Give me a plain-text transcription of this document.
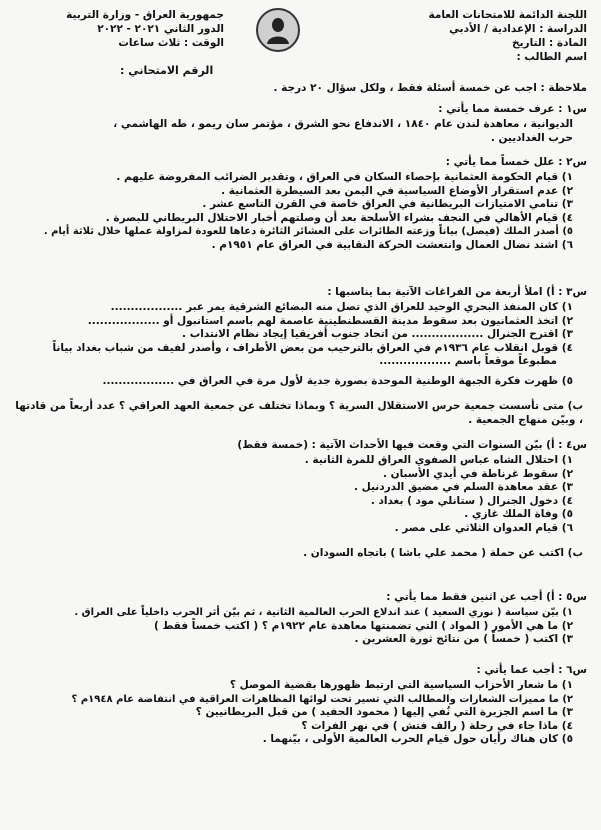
اللجنة الدائمة للامتحانات العامة
الدراسة : الإعدادية / الأدبي
المادة : التاريخ
اسم الطالب :
جمهورية العراق - وزارة التربية
الدور الثاني ٢٠٢١ - ٢٠٢٢
الوقت : ثلاث ساعات
الرقم الامتحاني :
ملاحظة : اجب عن خمسة أسئلة فقط ، ولكل سؤال ٢٠ درجة .
س١ : عرف خمسة مما يأتي :
الديوانية ، معاهدة لندن عام ١٨٤٠ ، الاندفاع نحو الشرق ، مؤتمر سان ريمو ، طه الهاشمي ،
حرب الغداديين .
س٢ : علل خمساً مما يأتي :
١) قيام الحكومة العثمانية بإحصاء السكان في العراق ، وتقدير الضرائب المفروضة عليهم .
٢) عدم استقرار الأوضاع السياسية في اليمن بعد السيطرة العثمانية .
٣) تنامي الامتيازات البريطانية في العراق خاصة في القرن التاسع عشر .
٤) قيام الأهالي في النجف بشراء الأسلحة بعد أن وصلتهم أخبار الاحتلال البريطاني للبصرة .
٥) أصدر الملك (فيصل) بياناً وزعته الطائرات على العشائر الثائرة دعاها للعودة لمزاولة عملها خلال ثلاثة أيام .
٦) اشتد نضال العمال وانتعشت الحركة النقابية في العراق عام ١٩٥١م .
س٣ : أ) املأ أربعة من الفراغات الآتية بما يناسبها :
١) كان المنفذ البحري الوحيد للعراق الذي تصل منه البضائع الشرقية يمر عبر ..................
٢) اتخذ العثمانيون بعد سقوط مدينة القسطنطينية عاصمة لهم باسم استانبول أو ..................
٣) اقترح الجنرال .................. من اتحاد جنوب أفريقيا إيجاد نظام الانتداب .
٤) قوبل انقلاب عام ١٩٣٦م في العراق بالترحيب من بعض الأطراف ، وأصدر لفيف من شباب بغداد بياناً
مطبوعاً موقعاً باسم ..................
٥) ظهرت فكرة الجبهة الوطنية الموحدة بصورة جدية لأول مرة في العراق في ..................
ب) متى تأسست جمعية حرس الاستقلال السرية ؟ وبماذا تختلف عن جمعية العهد العراقي ؟ عدد أربعاً من قادتها ، وبيّن منهاج الجمعية .
س٤ : أ) بيّن السنوات التي وقعت فيها الأحداث الآتية : (خمسة فقط)
١) احتلال الشاه عباس الصفوي العراق للمرة الثانية .
٢) سقوط غرناطة في أيدي الأسبان .
٣) عقد معاهدة السلم في مضيق الدردنيل .
٤) دخول الجنرال ( ستانلي مود ) بغداد .
٥) وفاة الملك غازي .
٦) قيام العدوان الثلاثي على مصر .
ب) اكتب عن حملة ( محمد علي باشا ) باتجاه السودان .
س٥ : أ) أجب عن اثنين فقط مما يأتي :
١) بيّن سياسة ( نوري السعيد ) عند اندلاع الحرب العالمية الثانية ، ثم بيّن أثر الحرب داخلياً على العراق .
٢) ما هي الأمور ( المواد ) التي تضمنتها معاهدة عام ١٩٢٢م ؟ ( اكتب خمساً فقط )
٣) اكتب ( خمساً ) من نتائج ثورة العشرين .
س٦ : أجب عما يأتي :
١) ما شعار الأحزاب السياسية التي ارتبط ظهورها بقضية الموصل ؟
٢) ما مميزات الشعارات والمطالب التي تسير تحت لوائها المظاهرات العراقية في انتفاضة عام ١٩٤٨م ؟
٣) ما اسم الجزيرة التي نُفي إليها ( محمود الحفيد ) من قبل البريطانيين ؟
٤) ماذا جاء في رحلة ( رالف فتش ) في نهر الفرات ؟
٥) كان هناك رأيان حول قيام الحرب العالمية الأولى ، بيّنهما .
